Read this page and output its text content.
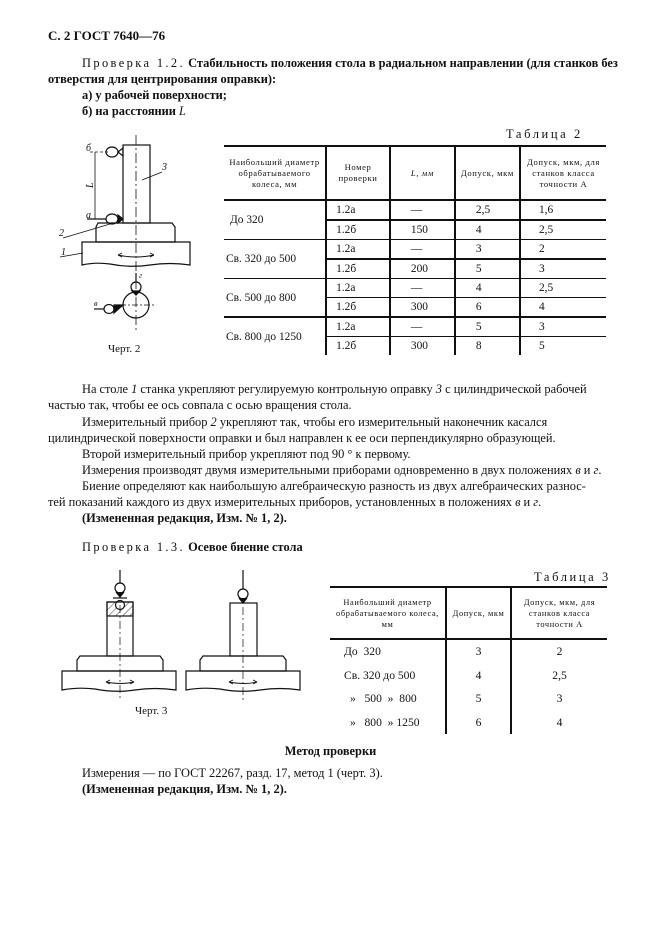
С. 2 ГОСТ 7640—76
Проверка 1.2. Стабильность положения стола в радиальном направлении (для станков без
отверстия для центрирования оправки):
а) у рабочей поверхности;
б) на расстоянии L
б
а
L
3
2
1
г
в
Черт. 2
Таблица 2
Наибольший диаметр обрабатываемого колеса, мм	Номер проверки	L, мм	Допуск, мкм	Допуск, мкм, для станков класса точности А
До 320	1.2а	—	2,5	1,6
	1.2б	150	4	2,5
Св. 320 до 500	1.2а	—	3	2
	1.2б	200	5	3
Св. 500 до 800	1.2а	—	4	2,5
	1.2б	300	6	4
Св. 800 до 1250	1.2а	—	5	3
	1.2б	300	8	5
На столе 1 станка укрепляют регулируемую контрольную оправку 3 с цилиндрической рабочей
частью так, чтобы ее ось совпала с осью вращения стола.
Измерительный прибор 2 укрепляют так, чтобы его измерительный наконечник касался
цилиндрической поверхности оправки и был направлен к ее оси перпендикулярно образующей.
Второй измерительный прибор укрепляют под 90 ° к первому.
Измерения производят двумя измерительными приборами одновременно в двух положениях в и г.
Биение определяют как наибольшую алгебраическую разность из двух алгебраических разнос-
тей показаний каждого из двух измерительных приборов, установленных в положениях в и г.
(Измененная редакция, Изм. № 1, 2).
Проверка 1.3. Осевое биение стола
Черт. 3
Таблица 3
Наибольший диаметр обрабатываемого колеса, мм	Допуск, мкм	Допуск, мкм, для станков класса точности А
До  320	3	2
Св. 320 до 500	4	2,5
»   500  »  800	5	3
»   800  » 1250	6	4
Метод проверки
Измерения — по ГОСТ 22267, разд. 17, метод 1 (черт. 3).
(Измененная редакция, Изм. № 1, 2).
